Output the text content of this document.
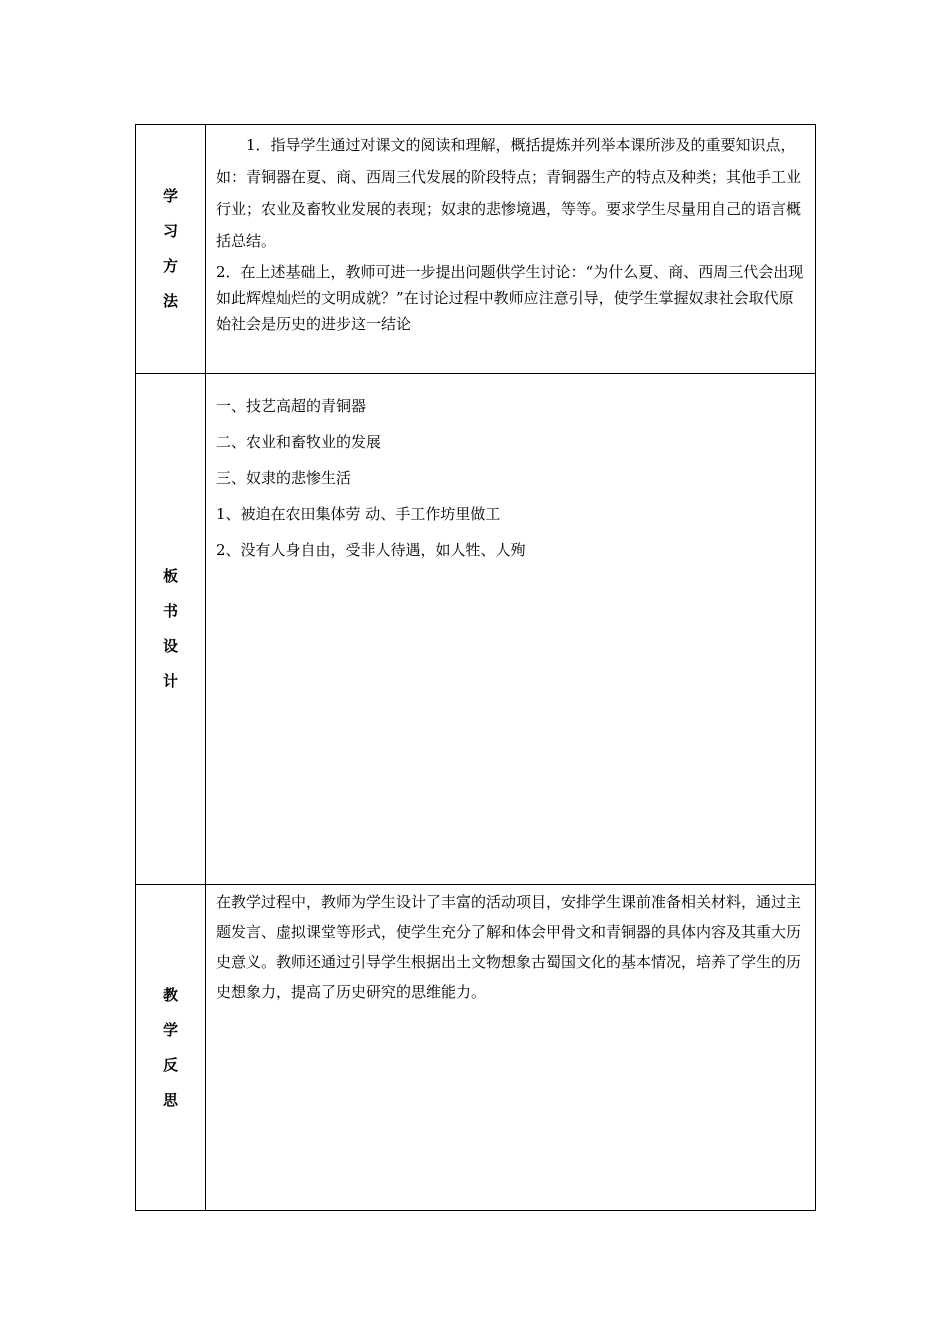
学
习
方
法

1．指导学生通过对课文的阅读和理解，概括提炼并列举本课所涉及的重要知识点，如：青铜器在夏、商、西周三代发展的阶段特点；青铜器生产的特点及种类；其他手工业行业；农业及畜牧业发展的表现；奴隶的悲惨境遇，等等。要求学生尽量用自己的语言概括总结。

2．在上述基础上，教师可进一步提出问题供学生讨论：“为什么夏、商、西周三代会出现如此辉煌灿烂的文明成就？”在讨论过程中教师应注意引导，使学生掌握奴隶社会取代原始社会是历史的进步这一结论

板
书
设
计
一、技艺高超的青铜器
二、农业和畜牧业的发展
三、奴隶的悲惨生活
1、被迫在农田集体劳 动、手工作坊里做工
2、没有人身自由，受非人待遇，如人牲、人殉
教
学
反
思

在教学过程中，教师为学生设计了丰富的活动项目，安排学生课前准备相关材料，通过主题发言、虚拟课堂等形式，使学生充分了解和体会甲骨文和青铜器的具体内容及其重大历史意义。教师还通过引导学生根据出土文物想象古蜀国文化的基本情况，培养了学生的历史想象力，提高了历史研究的思维能力。
